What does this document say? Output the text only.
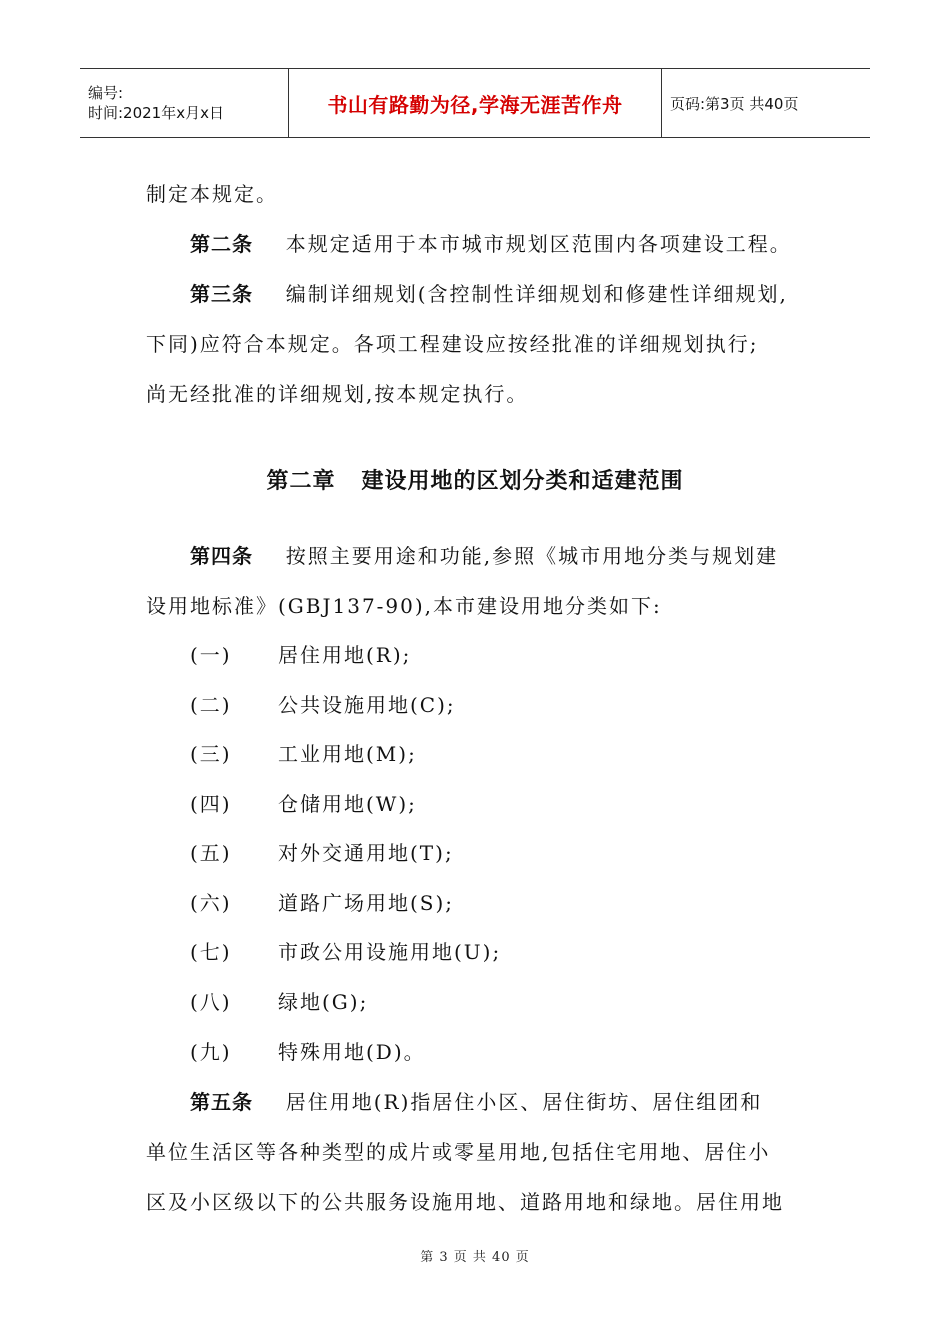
编号:
时间:2021年x月x日	书山有路勤为径,学海无涯苦作舟	页码:第3页 共40页
制定本规定。
第二条 本规定适用于本市城市规划区范围内各项建设工程。
第三条 编制详细规划(含控制性详细规划和修建性详细规划,
下同)应符合本规定。各项工程建设应按经批准的详细规划执行;
尚无经批准的详细规划,按本规定执行。
第二章 建设用地的区划分类和适建范围
第四条 按照主要用途和功能,参照《城市用地分类与规划建
设用地标准》(GBJ137-90),本市建设用地分类如下:
(一) 居住用地(R);
(二) 公共设施用地(C);
(三) 工业用地(M);
(四) 仓储用地(W);
(五) 对外交通用地(T);
(六) 道路广场用地(S);
(七) 市政公用设施用地(U);
(八) 绿地(G);
(九) 特殊用地(D)。
第五条 居住用地(R)指居住小区、居住街坊、居住组团和
单位生活区等各种类型的成片或零星用地,包括住宅用地、居住小
区及小区级以下的公共服务设施用地、道路用地和绿地。居住用地
第 3 页 共 40 页
